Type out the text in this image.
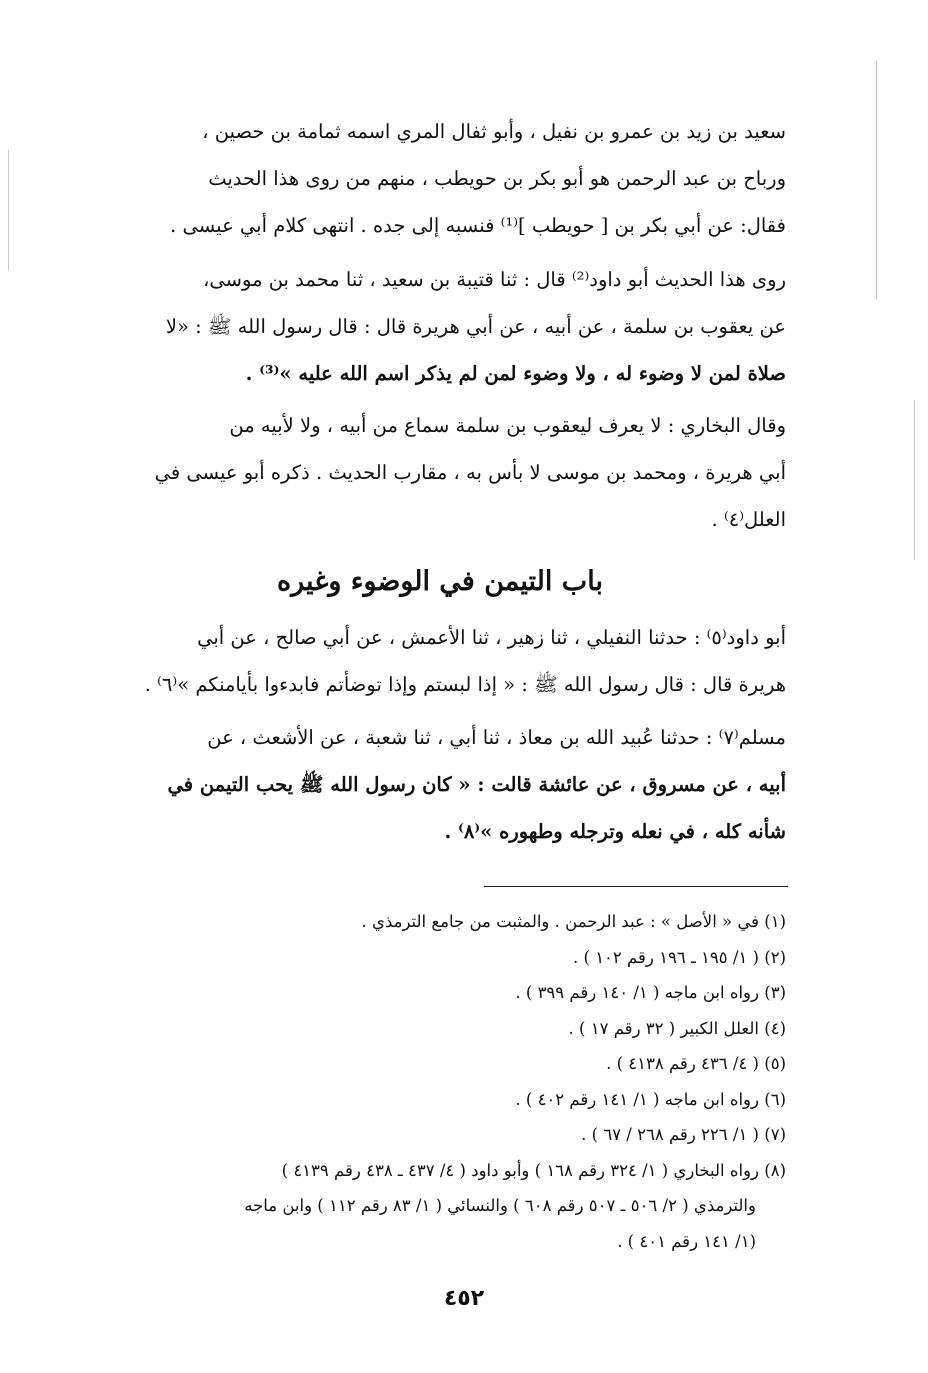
سعيد بن زيد بن عمرو بن نفيل ، وأبو ثفال المري اسمه ثمامة بن حصين ،
ورباح بن عبد الرحمن هو أبو بكر بن حويطب ، منهم من روى هذا الحديث
فقال: عن أبي بكر بن [ حويطب ]⁽¹⁾ فنسبه إلى جده . انتهى كلام أبي عيسى .
روى هذا الحديث أبو داود⁽²⁾ قال : ثنا قتيبة بن سعيد ، ثنا محمد بن موسى،
عن يعقوب بن سلمة ، عن أبيه ، عن أبي هريرة قال : قال رسول الله ﷺ : «لا
صلاة لمن لا وضوء له ، ولا وضوء لمن لم يذكر اسم الله عليه »⁽³⁾ .
وقال البخاري : لا يعرف ليعقوب بن سلمة سماع من أبيه ، ولا لأبيه من
أبي هريرة ، ومحمد بن موسى لا بأس به ، مقارب الحديث . ذكره أبو عيسى في
العلل⁽٤⁾ .
باب التيمن في الوضوء وغيره
أبو داود⁽٥⁾ : حدثنا النفيلي ، ثنا زهير ، ثنا الأعمش ، عن أبي صالح ، عن أبي
هريرة قال : قال رسول الله ﷺ : « إذا لبستم وإذا توضأتم فابدءوا بأيامنكم »⁽٦⁾ .
مسلم⁽٧⁾ : حدثنا عُبيد الله بن معاذ ، ثنا أبي ، ثنا شعبة ، عن الأشعث ، عن
أبيه ، عن مسروق ، عن عائشة قالت : « كان رسول الله ﷺ يحب التيمن في
شأنه كله ، في نعله وترجله وطهوره »⁽٨⁾ .
(١) في « الأصل » : عبد الرحمن . والمثبت من جامع الترمذي .
(٢) ( ١/ ١٩٥ ـ ١٩٦ رقم ١٠٢ ) .
(٣) رواه ابن ماجه ( ١/ ١٤٠ رقم ٣٩٩ ) .
(٤) العلل الكبير ( ٣٢ رقم ١٧ ) .
(٥) ( ٤/ ٤٣٦ رقم ٤١٣٨ ) .
(٦) رواه ابن ماجه ( ١/ ١٤١ رقم ٤٠٢ ) .
(٧) ( ١/ ٢٢٦ رقم ٢٦٨ / ٦٧ ) .
(٨) رواه البخاري ( ١/ ٣٢٤ رقم ١٦٨ ) وأبو داود ( ٤/ ٤٣٧ ـ ٤٣٨ رقم ٤١٣٩ )
والترمذي ( ٢/ ٥٠٦ ـ ٥٠٧ رقم ٦٠٨ ) والنسائي ( ١/ ٨٣ رقم ١١٢ ) وابن ماجه
(١/ ١٤١ رقم ٤٠١ ) .
٤٥٢
